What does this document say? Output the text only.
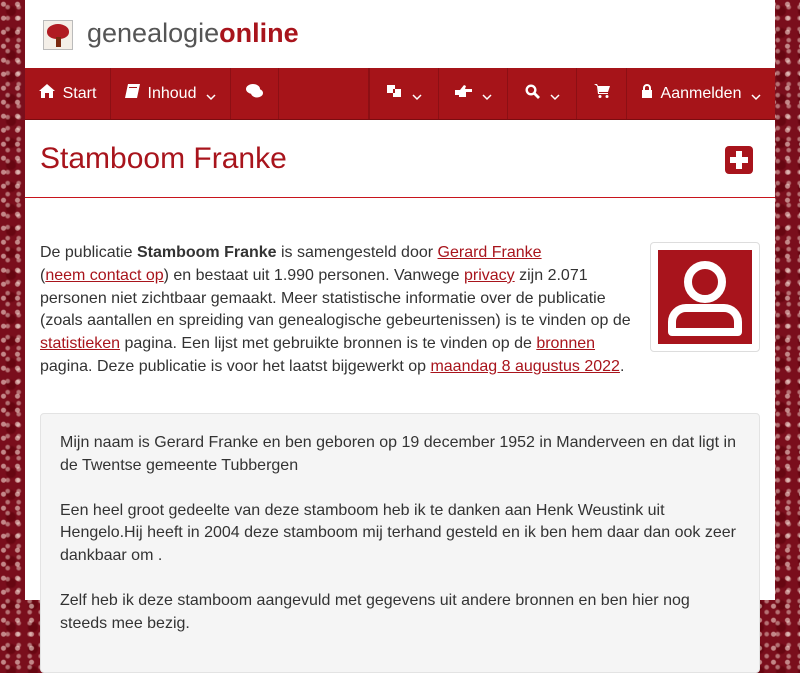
genealogieonline
Start	Inhoud	Aanmelden
Stamboom Franke

De publicatie Stamboom Franke is samengesteld door Gerard Franke
(neem contact op) en bestaat uit 1.990 personen. Vanwege privacy zijn 2.071 personen niet zichtbaar gemaakt. Meer statistische informatie over de publicatie (zoals aantallen en spreiding van genealogische gebeurtenissen) is te vinden op de statistieken pagina. Een lijst met gebruikte bronnen is te vinden op de bronnen pagina. Deze publicatie is voor het laatst bijgewerkt op maandag 8 augustus 2022.

Mijn naam is Gerard Franke en ben geboren op 19 december 1952 in Manderveen en dat ligt in de Twentse gemeente Tubbergen

Een heel groot gedeelte van deze stamboom heb ik te danken aan Henk Weustink uit Hengelo.Hij heeft in 2004 deze stamboom mij terhand gesteld en ik ben hem daar dan ook zeer dankbaar om .

Zelf heb ik deze stamboom aangevuld met gegevens uit andere bronnen en ben hier nog steeds mee bezig.
